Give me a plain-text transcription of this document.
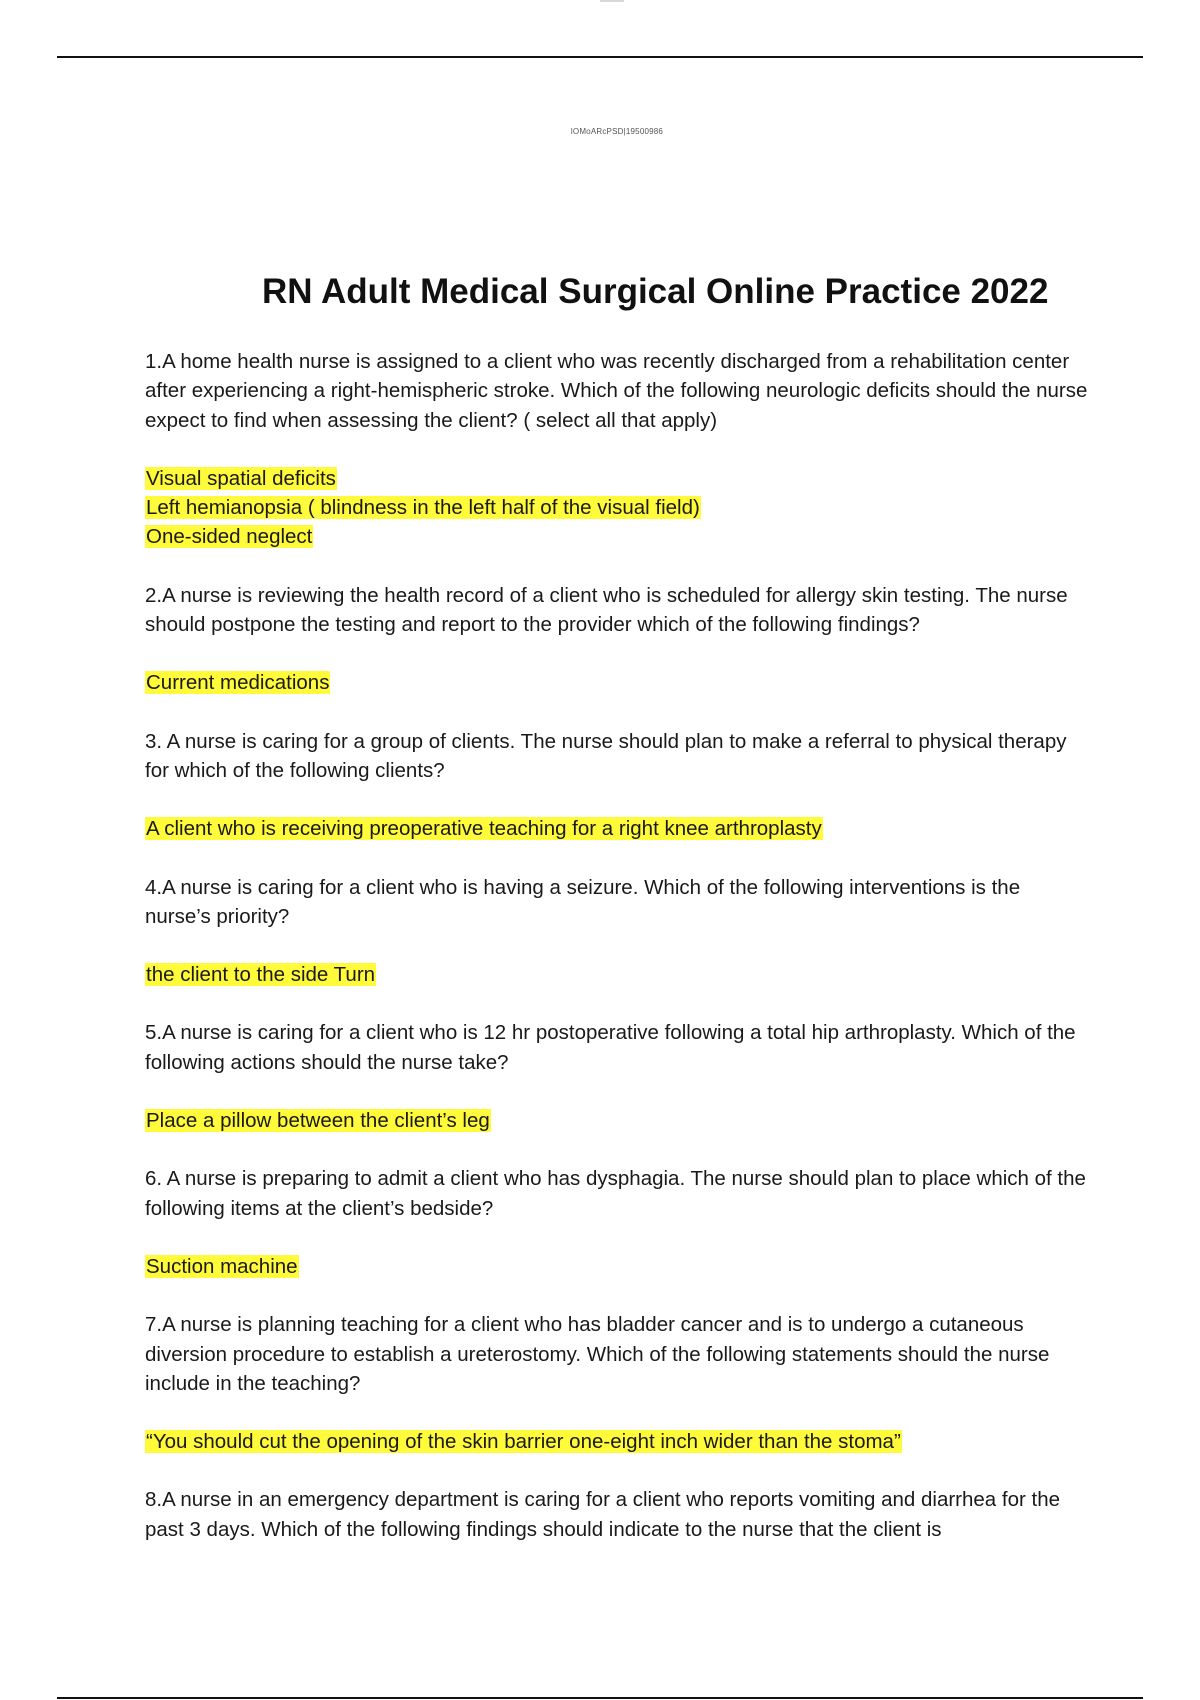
lOMoARcPSD|19500986
RN Adult Medical Surgical Online Practice 2022

1.A home health nurse is assigned to a client who was recently discharged from a rehabilitation center after experiencing a right-hemispheric stroke. Which of the following neurologic deficits should the nurse expect to find when assessing the client? ( select all that apply)

Visual spatial deficits
Left hemianopsia ( blindness in the left half of the visual field)
One-sided neglect

2.A nurse is reviewing the health record of a client who is scheduled for allergy skin testing. The nurse should postpone the testing and report to the provider which of the following findings?

Current medications

3. A nurse is caring for a group of clients. The nurse should plan to make a referral to physical therapy for which of the following clients?

A client who is receiving preoperative teaching for a right knee arthroplasty

4.A nurse is caring for a client who is having a seizure. Which of the following interventions is the nurse’s priority?

the client to the side Turn

5.A nurse is caring for a client who is 12 hr postoperative following a total hip arthroplasty. Which of the following actions should the nurse take?

Place a pillow between the client’s leg

6. A nurse is preparing to admit a client who has dysphagia. The nurse should plan to place which of the following items at the client’s bedside?

Suction machine

7.A nurse is planning teaching for a client who has bladder cancer and is to undergo a cutaneous diversion procedure to establish a ureterostomy. Which of the following statements should the nurse include in the teaching?

“You should cut the opening of the skin barrier one-eight inch wider than the stoma”

8.A nurse in an emergency department is caring for a client who reports vomiting and diarrhea for the past 3 days. Which of the following findings should indicate to the nurse that the client is
